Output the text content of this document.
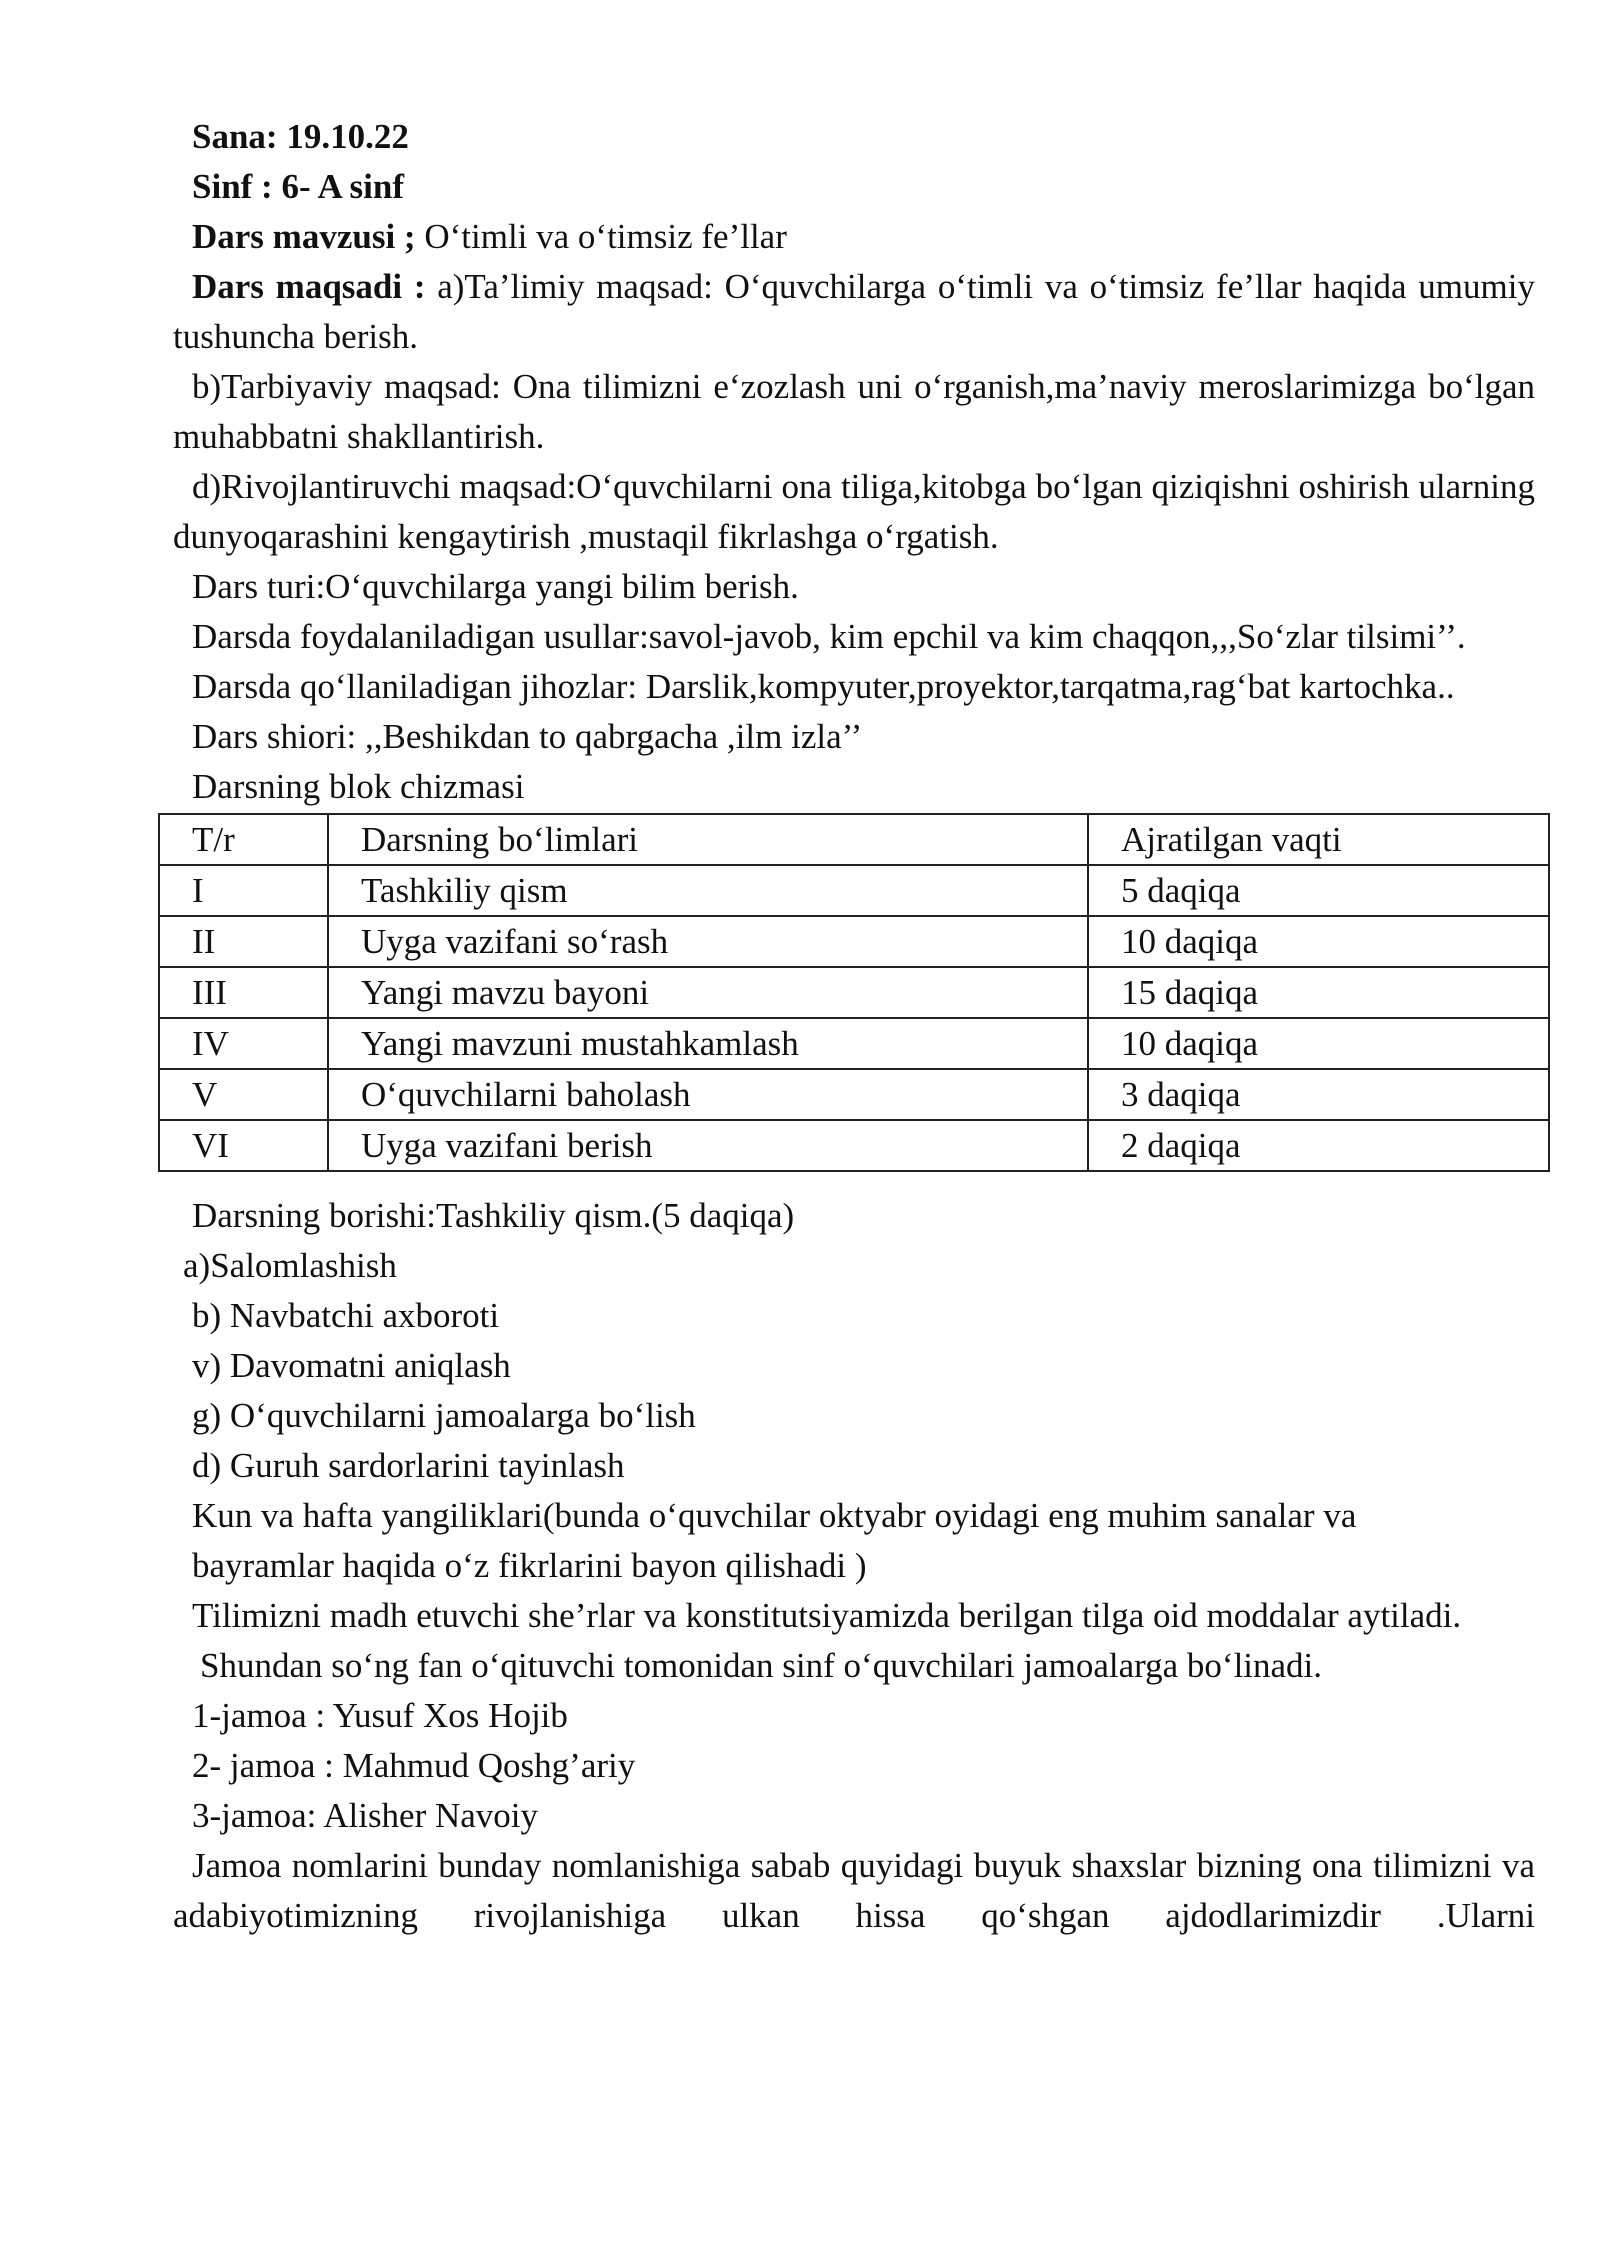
Sana: 19.10.22

Sinf : 6- A sinf

Dars mavzusi ; O‘timli va o‘timsiz fe’llar

Dars maqsadi : a)Ta’limiy maqsad: O‘quvchilarga o‘timli va o‘timsiz fe’llar haqida umumiy tushuncha berish.

b)Tarbiyaviy maqsad: Ona tilimizni e‘zozlash uni o‘rganish,ma’naviy meroslarimizga bo‘lgan muhabbatni shakllantirish.

d)Rivojlantiruvchi maqsad:O‘quvchilarni ona tiliga,kitobga bo‘lgan qiziqishni oshirish ularning dunyoqarashini kengaytirish ,mustaqil fikrlashga o‘rgatish.

Dars turi:O‘quvchilarga yangi bilim berish.

Darsda foydalaniladigan usullar:savol-javob, kim epchil va kim chaqqon,,,So‘zlar tilsimi’’.

Darsda qo‘llaniladigan jihozlar: Darslik,kompyuter,proyektor,tarqatma,rag‘bat kartochka..

Dars shiori: ,,Beshikdan to qabrgacha ,ilm izla’’

Darsning blok chizmasi

T/r	Darsning bo‘limlari	Ajratilgan vaqti
I	Tashkiliy qism	5 daqiqa
II	Uyga vazifani so‘rash	10 daqiqa
III	Yangi mavzu bayoni	15 daqiqa
IV	Yangi mavzuni mustahkamlash	10 daqiqa
V	O‘quvchilarni baholash	3 daqiqa
VI	Uyga vazifani berish	2 daqiqa

Darsning borishi:Tashkiliy qism.(5 daqiqa)

a)Salomlashish

b) Navbatchi axboroti

v) Davomatni aniqlash

g) O‘quvchilarni jamoalarga bo‘lish

d) Guruh sardorlarini tayinlash

Kun va hafta yangiliklari(bunda o‘quvchilar oktyabr oyidagi eng muhim sanalar va

bayramlar haqida o‘z fikrlarini bayon qilishadi )

Tilimizni madh etuvchi she’rlar va konstitutsiyamizda berilgan tilga oid moddalar aytiladi.

Shundan so‘ng fan o‘qituvchi tomonidan sinf o‘quvchilari jamoalarga bo‘linadi.

1-jamoa : Yusuf Xos Hojib

2- jamoa : Mahmud Qoshg’ariy

3-jamoa: Alisher Navoiy

Jamoa nomlarini bunday nomlanishiga sabab quyidagi buyuk shaxslar bizning ona tilimizni va adabiyotimizning rivojlanishiga ulkan hissa qo‘shgan ajdodlarimizdir .Ularni
